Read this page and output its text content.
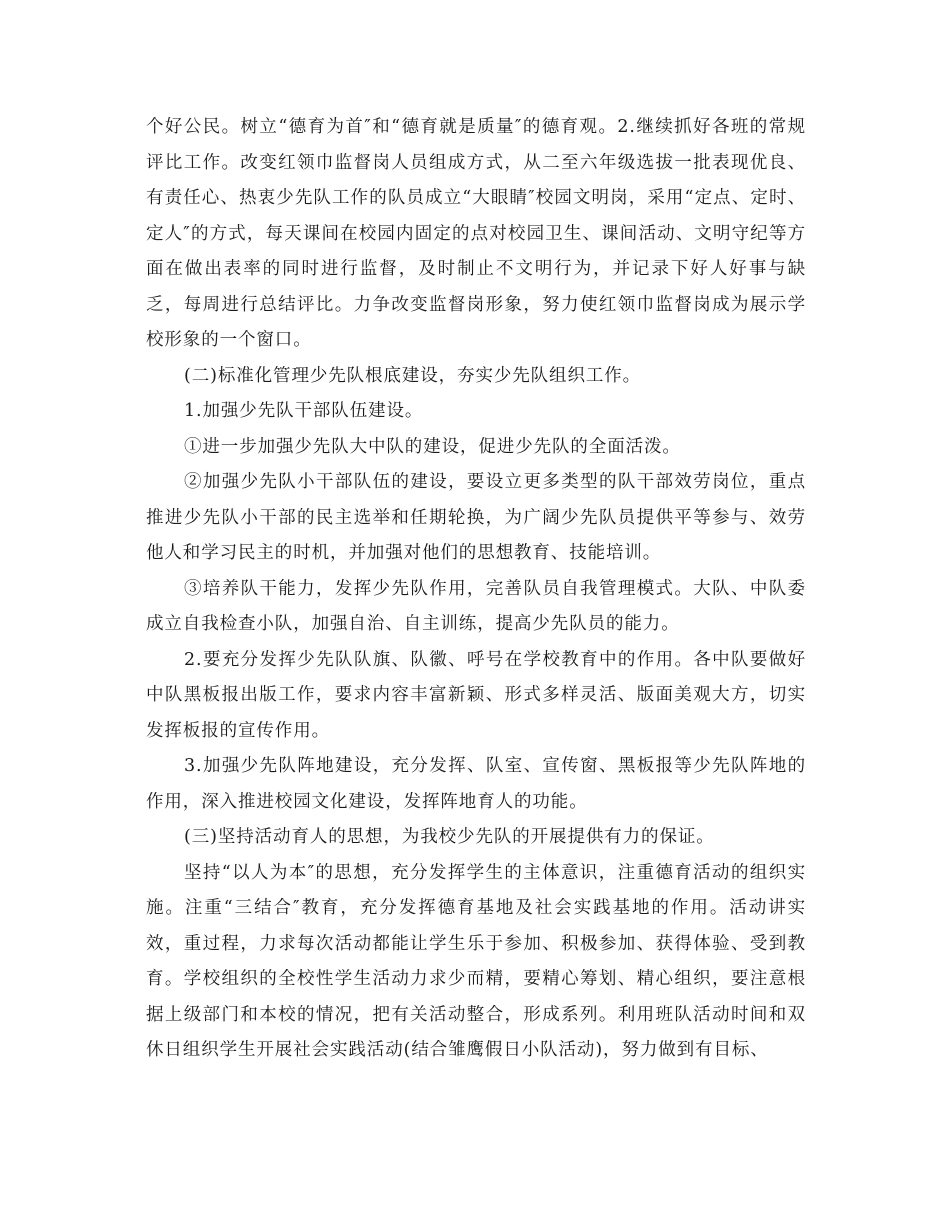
个好公民。树立“德育为首″和“德育就是质量″的德育观。2.继续抓好各班的常规评比工作。改变红领巾监督岗人员组成方式，从二至六年级选拔一批表现优良、有责任心、热衷少先队工作的队员成立“大眼睛″校园文明岗，采用“定点、定时、定人″的方式，每天课间在校园内固定的点对校园卫生、课间活动、文明守纪等方面在做出表率的同时进行监督，及时制止不文明行为，并记录下好人好事与缺乏，每周进行总结评比。力争改变监督岗形象，努力使红领巾监督岗成为展示学校形象的一个窗口。

(二)标准化管理少先队根底建设，夯实少先队组织工作。

1.加强少先队干部队伍建设。

①进一步加强少先队大中队的建设，促进少先队的全面活泼。

②加强少先队小干部队伍的建设，要设立更多类型的队干部效劳岗位，重点推进少先队小干部的民主选举和任期轮换，为广阔少先队员提供平等参与、效劳他人和学习民主的时机，并加强对他们的思想教育、技能培训。

③培养队干能力，发挥少先队作用，完善队员自我管理模式。大队、中队委成立自我检查小队，加强自治、自主训练，提高少先队员的能力。

2.要充分发挥少先队队旗、队徽、呼号在学校教育中的作用。各中队要做好中队黑板报出版工作，要求内容丰富新颖、形式多样灵活、版面美观大方，切实发挥板报的宣传作用。

3.加强少先队阵地建设，充分发挥、队室、宣传窗、黑板报等少先队阵地的作用，深入推进校园文化建设，发挥阵地育人的功能。

(三)坚持活动育人的思想，为我校少先队的开展提供有力的保证。

坚持“以人为本″的思想，充分发挥学生的主体意识，注重德育活动的组织实施。注重“三结合″教育，充分发挥德育基地及社会实践基地的作用。活动讲实效，重过程，力求每次活动都能让学生乐于参加、积极参加、获得体验、受到教育。学校组织的全校性学生活动力求少而精，要精心筹划、精心组织，要注意根据上级部门和本校的情况，把有关活动整合，形成系列。利用班队活动时间和双休日组织学生开展社会实践活动(结合雏鹰假日小队活动)，努力做到有目标、
